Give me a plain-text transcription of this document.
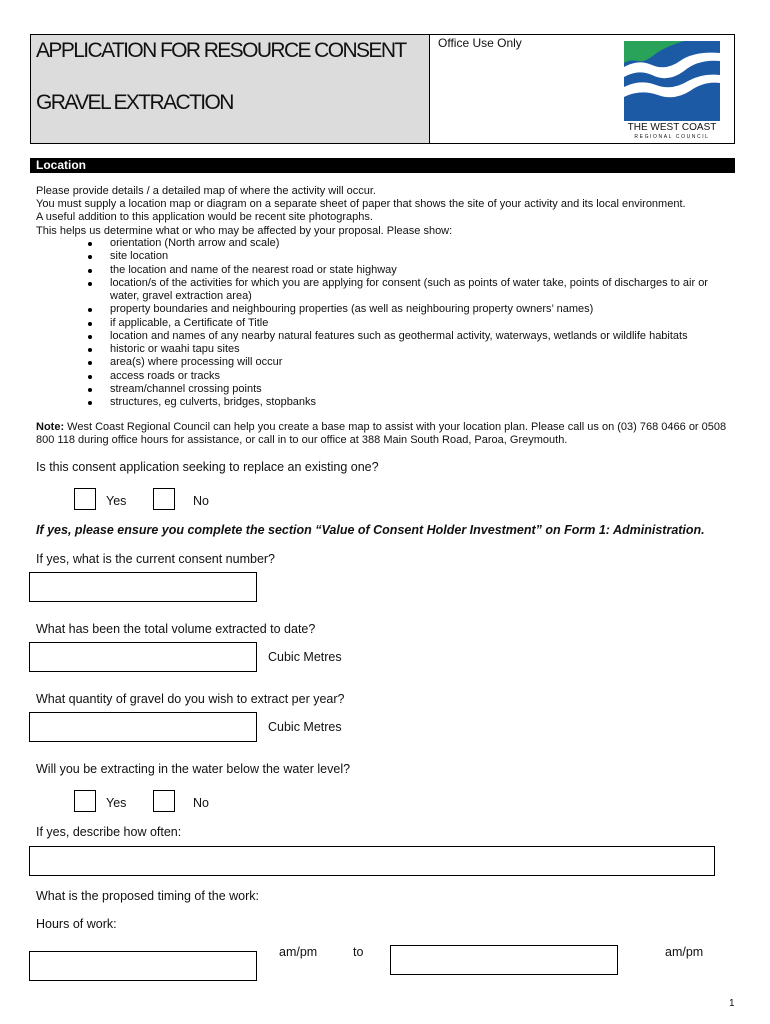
APPLICATION FOR RESOURCE CONSENT
GRAVEL EXTRACTION
Office Use Only
THE WEST COAST
REGIONAL COUNCIL
Location

Please provide details / a detailed map of where the activity will occur.

You must supply a location map or diagram on a separate sheet of paper that shows the site of your activity and its local environment.

A useful addition to this application would be recent site photographs.

This helps us determine what or who may be affected by your proposal. Please show:

orientation (North arrow and scale)
site location
the location and name of the nearest road or state highway
location/s of the activities for which you are applying for consent (such as points of water take, points of discharges to air or water, gravel extraction area)
property boundaries and neighbouring properties (as well as neighbouring property owners’ names)
if applicable, a Certificate of Title
location and names of any nearby natural features such as geothermal activity, waterways, wetlands or wildlife habitats
historic or waahi tapu sites
area(s) where processing will occur
access roads or tracks
stream/channel crossing points
structures, eg culverts, bridges, stopbanks
Note: West Coast Regional Council can help you create a base map to assist with your location plan. Please call us on (03) 768 0466 or 0508 800 118 during office hours for assistance, or call in to our office at 388 Main South Road, Paroa, Greymouth.
Is this consent application seeking to replace an existing one?
Yes	No
If yes, please ensure you complete the section “Value of Consent Holder Investment” on Form 1: Administration.
If yes, what is the current consent number?
What has been the total volume extracted to date?
Cubic Metres
What quantity of gravel do you wish to extract per year?
Cubic Metres
Will you be extracting in the water below the water level?
Yes	No
If yes, describe how often:
What is the proposed timing of the work:
Hours of work:
am/pm	to	am/pm
1
